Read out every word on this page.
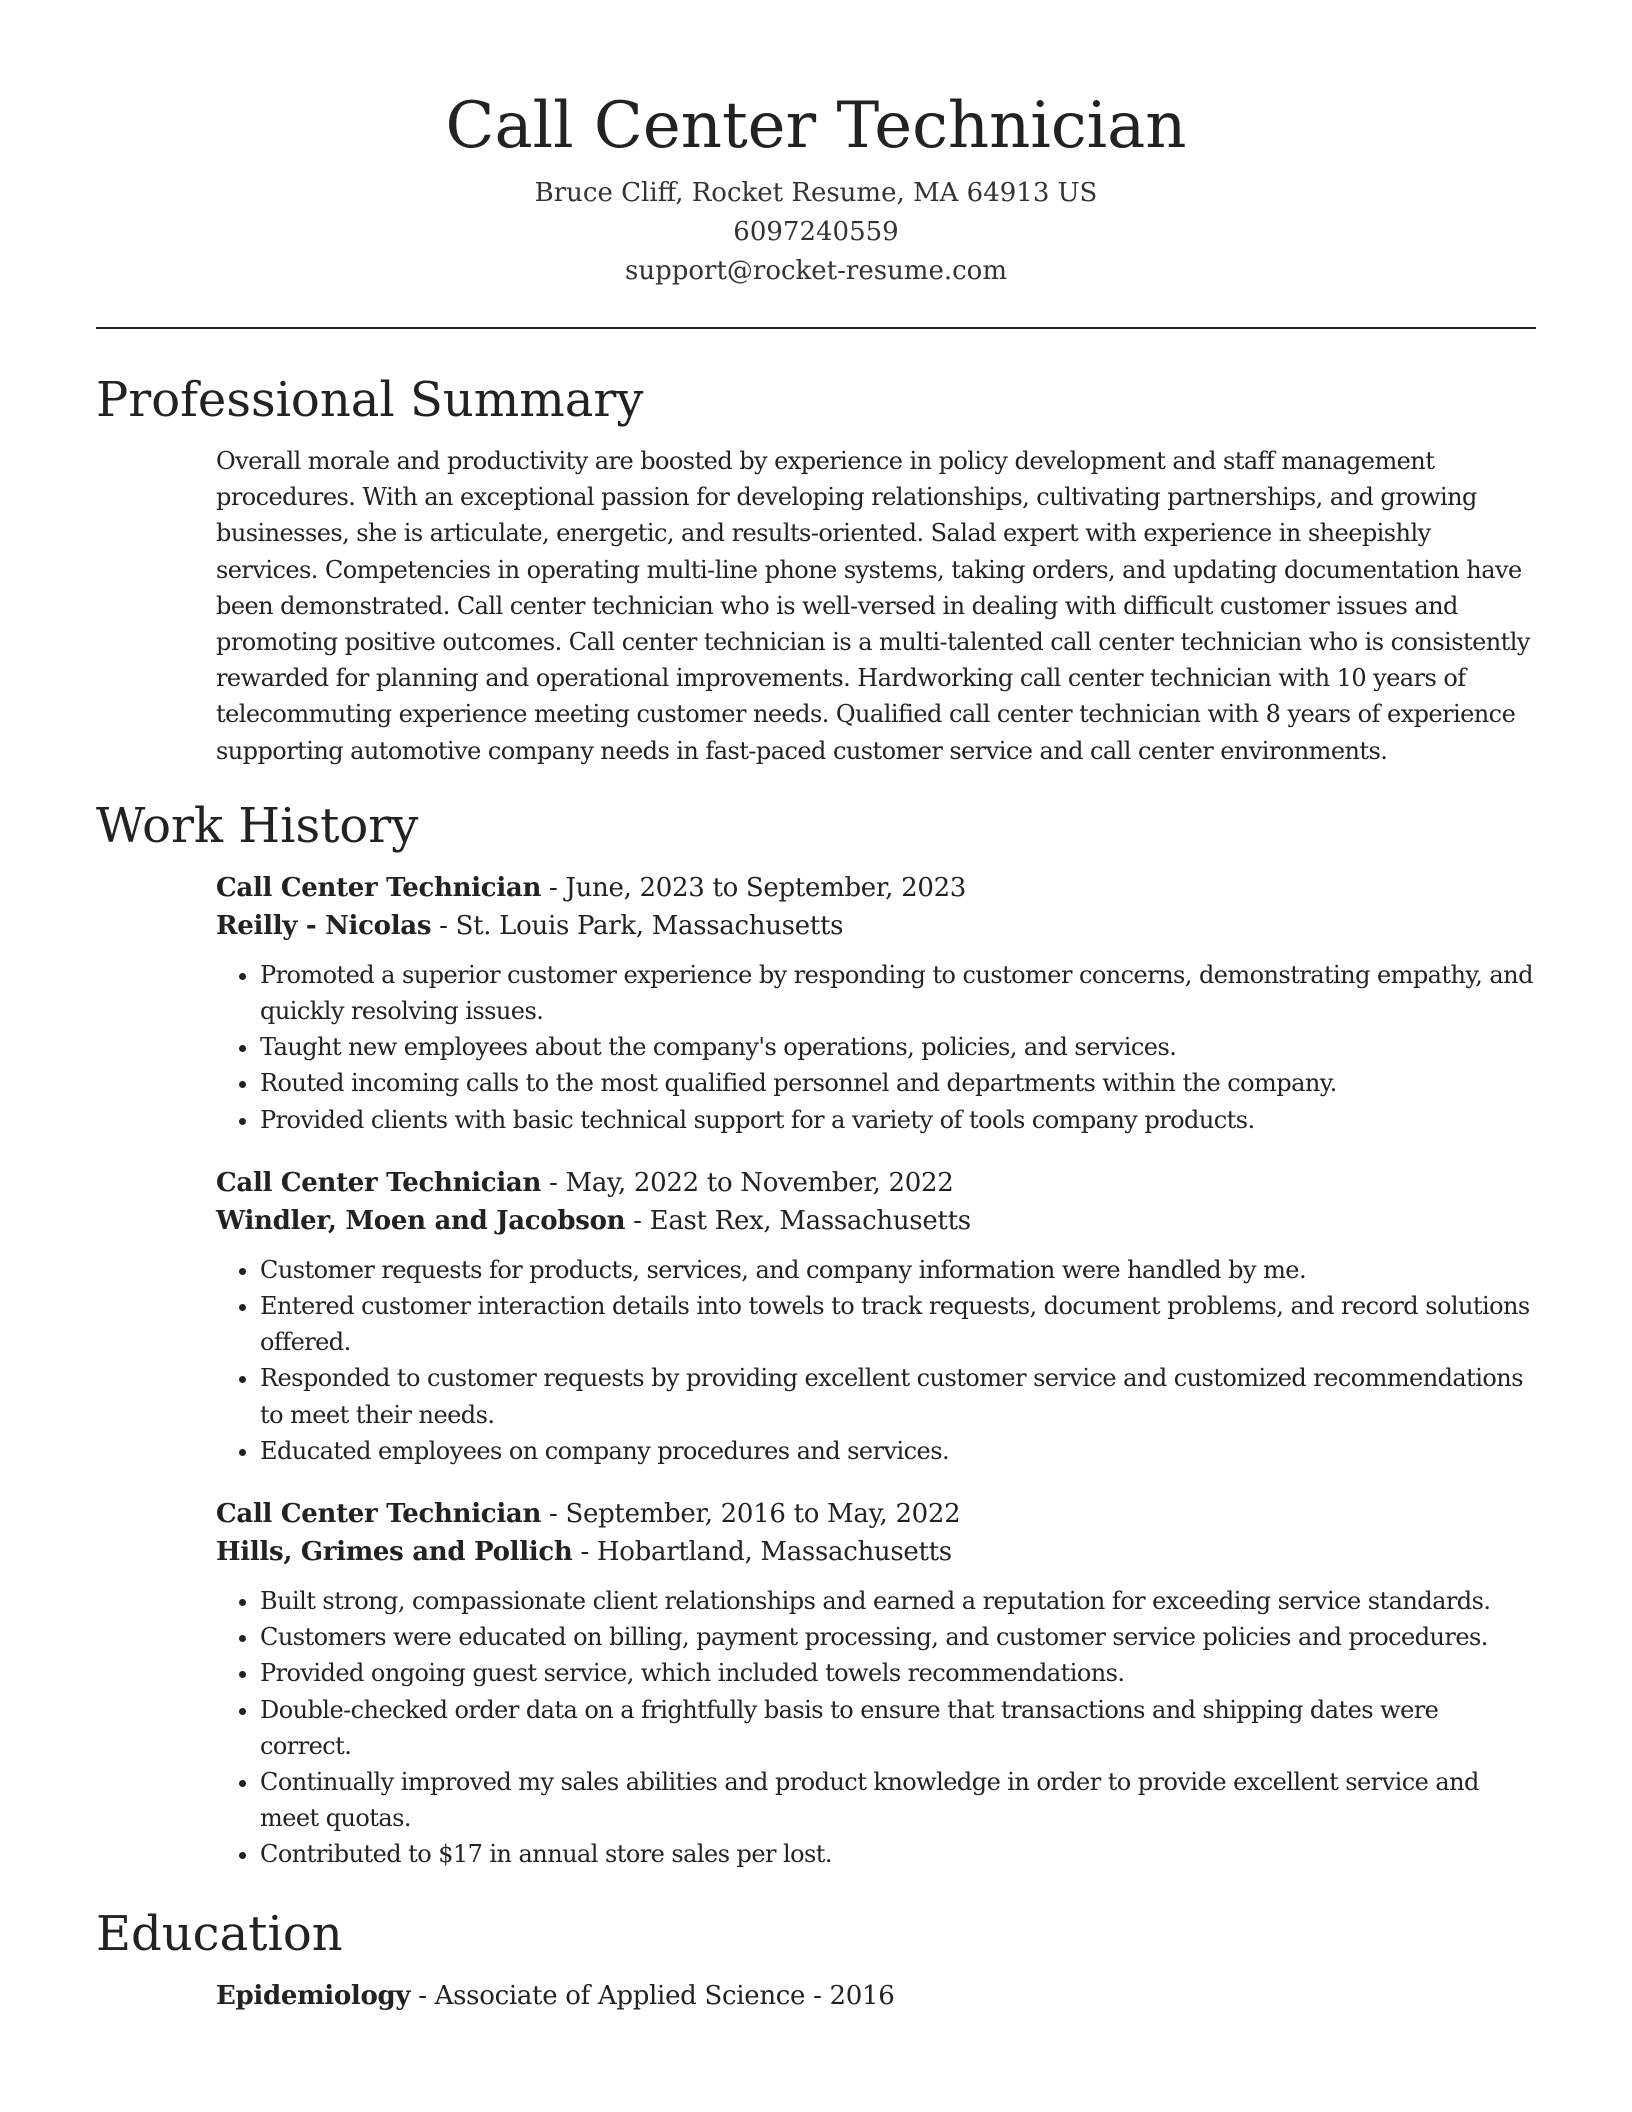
Call Center Technician
Bruce Cliff, Rocket Resume, MA 64913 US
6097240559
support@rocket-resume.com
Professional Summary

Overall morale and productivity are boosted by experience in policy development and staff management procedures. With an exceptional passion for developing relationships, cultivating partnerships, and growing businesses, she is articulate, energetic, and results-oriented. Salad expert with experience in sheepishly services. Competencies in operating multi-line phone systems, taking orders, and updating documentation have been demonstrated. Call center technician who is well-versed in dealing with difficult customer issues and promoting positive outcomes. Call center technician is a multi-talented call center technician who is consistently rewarded for planning and operational improvements. Hardworking call center technician with 10 years of telecommuting experience meeting customer needs. Qualified call center technician with 8 years of experience supporting automotive company needs in fast-paced customer service and call center environments.

Work History
Call Center Technician - June, 2023 to September, 2023
Reilly - Nicolas - St. Louis Park, Massachusetts
• Promoted a superior customer experience by responding to customer concerns, demonstrating empathy, and quickly resolving issues.
• Taught new employees about the company's operations, policies, and services.
• Routed incoming calls to the most qualified personnel and departments within the company.
• Provided clients with basic technical support for a variety of tools company products.
Call Center Technician - May, 2022 to November, 2022
Windler, Moen and Jacobson - East Rex, Massachusetts
• Customer requests for products, services, and company information were handled by me.
• Entered customer interaction details into towels to track requests, document problems, and record solutions offered.
• Responded to customer requests by providing excellent customer service and customized recommendations to meet their needs.
• Educated employees on company procedures and services.
Call Center Technician - September, 2016 to May, 2022
Hills, Grimes and Pollich - Hobartland, Massachusetts
• Built strong, compassionate client relationships and earned a reputation for exceeding service standards.
• Customers were educated on billing, payment processing, and customer service policies and procedures.
• Provided ongoing guest service, which included towels recommendations.
• Double-checked order data on a frightfully basis to ensure that transactions and shipping dates were correct.
• Continually improved my sales abilities and product knowledge in order to provide excellent service and meet quotas.
• Contributed to $17 in annual store sales per lost.
Education
Epidemiology - Associate of Applied Science - 2016
